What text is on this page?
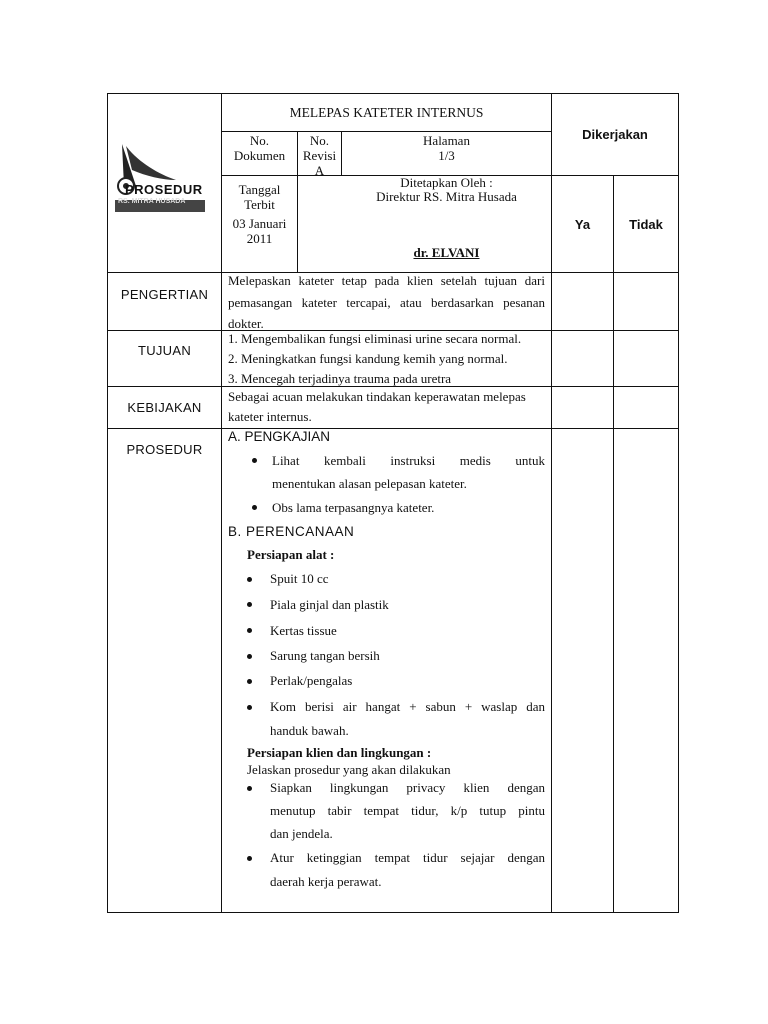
MELEPAS KATETER INTERNUS
No.
Dokumen
No.
Revisi
A
Halaman
1/3
Dikerjakan
Ya	Tidak
PROSEDUR
RS. MITRA HUSADA
Tanggal
Terbit
03 Januari
2011
Ditetapkan Oleh :
Direktur RS. Mitra Husada
dr. ELVANI
PENGERTIAN
Melepaskan kateter tetap pada klien setelah tujuan dari
pemasangan kateter tercapai, atau berdasarkan pesanan
dokter.
TUJUAN
1. Mengembalikan fungsi eliminasi urine secara normal.
2. Meningkatkan fungsi kandung kemih yang normal.
3. Mencegah terjadinya trauma pada uretra
KEBIJAKAN
Sebagai acuan melakukan tindakan keperawatan melepas
kateter internus.
PROSEDUR
A. PENGKAJIAN
Lihat kembali instruksi medis untuk
menentukan alasan pelepasan kateter.
Obs lama terpasangnya kateter.
B. PERENCANAAN
Persiapan alat :
Spuit 10 cc
Piala ginjal dan plastik
Kertas tissue
Sarung tangan bersih
Perlak/pengalas
Kom berisi air hangat + sabun + waslap dan
handuk bawah.
Persiapan klien dan lingkungan :
Jelaskan prosedur yang akan dilakukan
Siapkan lingkungan privacy klien dengan
menutup tabir tempat tidur, k/p tutup pintu
dan jendela.
Atur ketinggian tempat tidur sejajar dengan
daerah kerja perawat.
